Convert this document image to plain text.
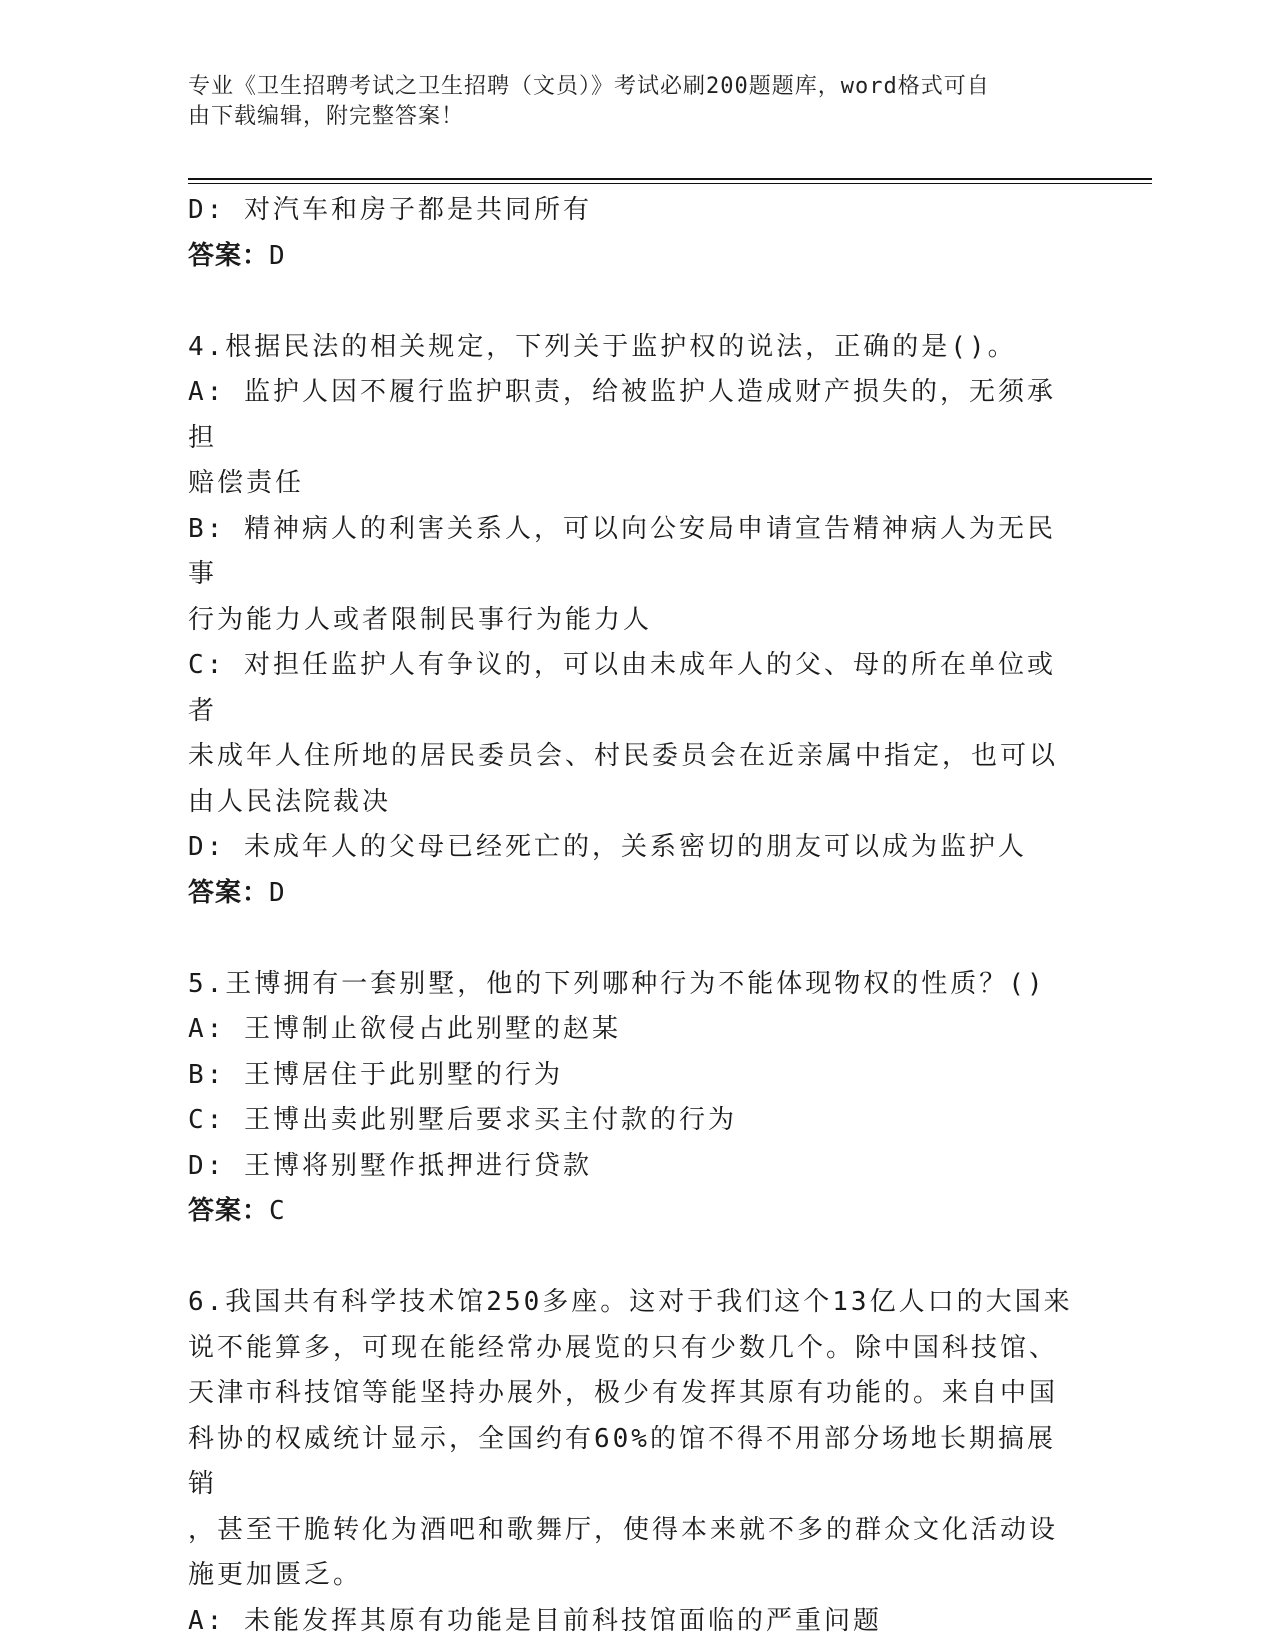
专业《卫生招聘考试之卫生招聘（文员）》考试必刷200题题库，word格式可自
由下载编辑，附完整答案！
D: 对汽车和房子都是共同所有
答案：D
4.根据民法的相关规定，下列关于监护权的说法，正确的是()。
A: 监护人因不履行监护职责，给被监护人造成财产损失的，无须承担
赔偿责任
B: 精神病人的利害关系人，可以向公安局申请宣告精神病人为无民事
行为能力人或者限制民事行为能力人
C: 对担任监护人有争议的，可以由未成年人的父、母的所在单位或者
未成年人住所地的居民委员会、村民委员会在近亲属中指定，也可以
由人民法院裁决
D: 未成年人的父母已经死亡的，关系密切的朋友可以成为监护人
答案：D
5.王博拥有一套别墅，他的下列哪种行为不能体现物权的性质？()
A: 王博制止欲侵占此别墅的赵某
B: 王博居住于此别墅的行为
C: 王博出卖此别墅后要求买主付款的行为
D: 王博将别墅作抵押进行贷款
答案：C
6.我国共有科学技术馆250多座。这对于我们这个13亿人口的大国来
说不能算多，可现在能经常办展览的只有少数几个。除中国科技馆、
天津市科技馆等能坚持办展外，极少有发挥其原有功能的。来自中国
科协的权威统计显示，全国约有60%的馆不得不用部分场地长期搞展销
，甚至干脆转化为酒吧和歌舞厅，使得本来就不多的群众文化活动设
施更加匮乏。
A: 未能发挥其原有功能是目前科技馆面临的严重问题
